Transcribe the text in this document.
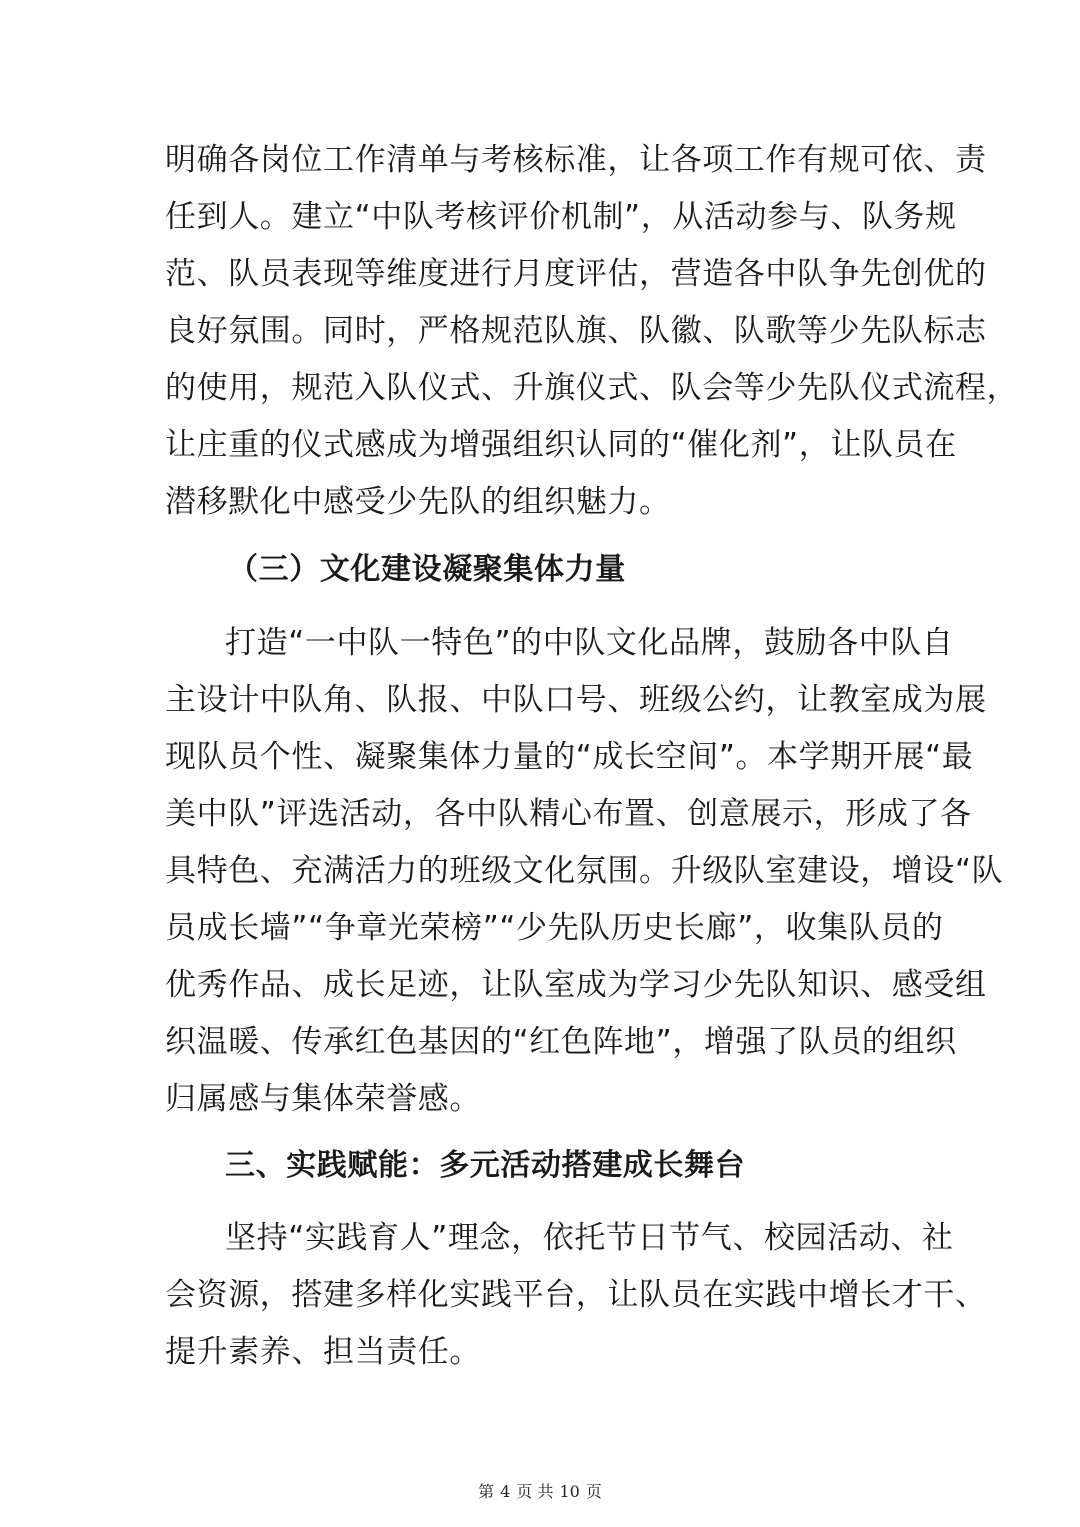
明确各岗位工作清单与考核标准，让各项工作有规可依、责
任到人。建立“中队考核评价机制”，从活动参与、队务规
范、队员表现等维度进行月度评估，营造各中队争先创优的
良好氛围。同时，严格规范队旗、队徽、队歌等少先队标志
的使用，规范入队仪式、升旗仪式、队会等少先队仪式流程，
让庄重的仪式感成为增强组织认同的“催化剂”，让队员在
潜移默化中感受少先队的组织魅力。
（三）文化建设凝聚集体力量
打造“一中队一特色”的中队文化品牌，鼓励各中队自
主设计中队角、队报、中队口号、班级公约，让教室成为展
现队员个性、凝聚集体力量的“成长空间”。本学期开展“最
美中队”评选活动，各中队精心布置、创意展示，形成了各
具特色、充满活力的班级文化氛围。升级队室建设，增设“队
员成长墙”“争章光荣榜”“少先队历史长廊”，收集队员的
优秀作品、成长足迹，让队室成为学习少先队知识、感受组
织温暖、传承红色基因的“红色阵地”，增强了队员的组织
归属感与集体荣誉感。
三、实践赋能：多元活动搭建成长舞台
坚持“实践育人”理念，依托节日节气、校园活动、社
会资源，搭建多样化实践平台，让队员在实践中增长才干、
提升素养、担当责任。
第 4 页 共 10 页
